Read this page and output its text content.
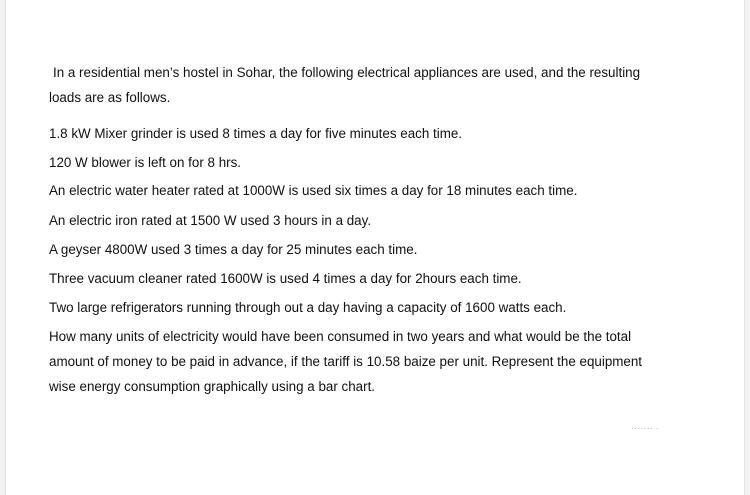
In a residential men’s hostel in Sohar, the following electrical appliances are used, and the resulting
loads are as follows.
1.8 kW Mixer grinder is used 8 times a day for five minutes each time.
120 W blower is left on for 8 hrs.
An electric water heater rated at 1000W is used six times a day for 18 minutes each time.
An electric iron rated at 1500 W used 3 hours in a day.
A geyser 4800W used 3 times a day for 25 minutes each time.
Three vacuum cleaner rated 1600W is used 4 times a day for 2hours each time.
Two large refrigerators running through out a day having a capacity of 1600 watts each.
How many units of electricity would have been consumed in two years and what would be the total
amount of money to be paid in advance, if the tariff is 10.58 baize per unit. Represent the equipment
wise energy consumption graphically using a bar chart.
······· ·
